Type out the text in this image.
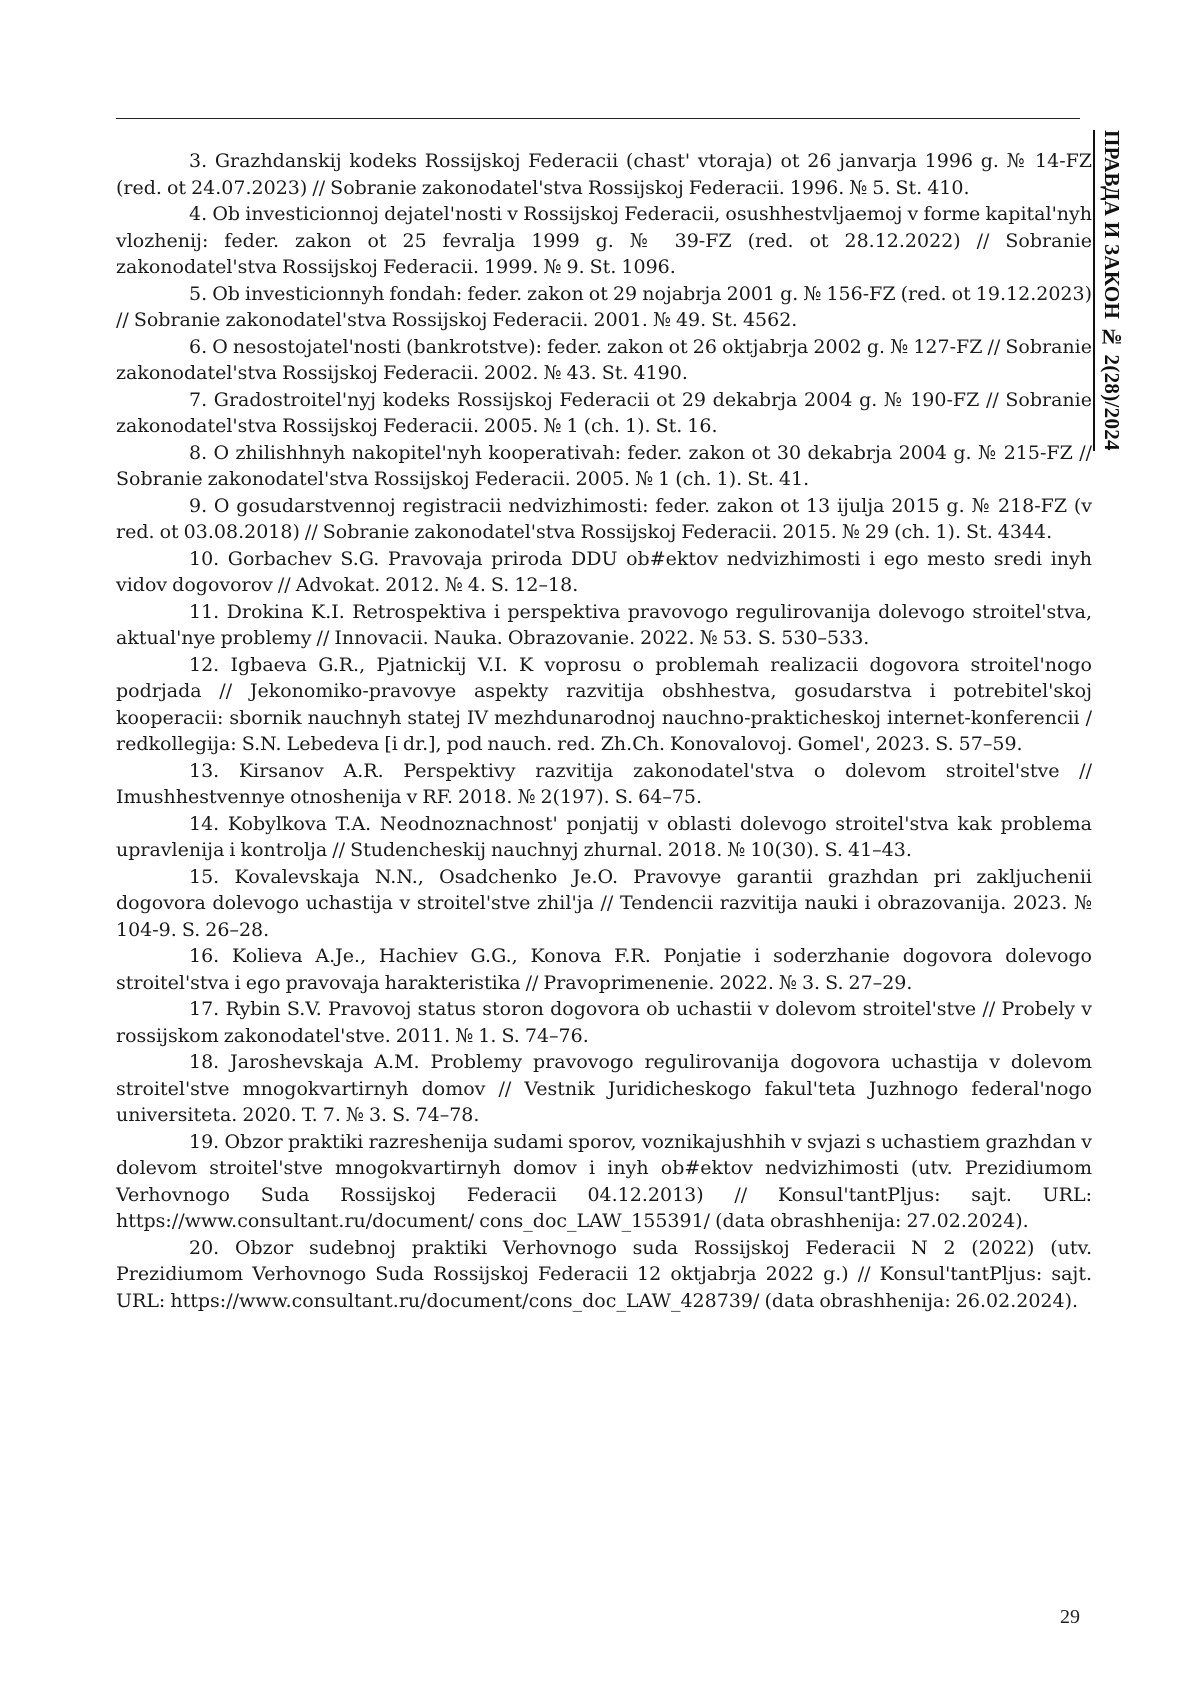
ПРАВДА И ЗАКОН № 2(28)/2024
3. Grazhdanskij kodeks Rossijskoj Federacii (chast' vtoraja) ot 26 janvarja 1996 g. № 14-FZ (red. ot 24.07.2023) // Sobranie zakonodatel'stva Rossijskoj Federacii. 1996. № 5. St. 410.
4. Ob investicionnoj dejatel'nosti v Rossijskoj Federacii, osushhestvljaemoj v forme kapital'nyh vlozhenij: feder. zakon ot 25 fevralja 1999 g. № 39-FZ (red. ot 28.12.2022) // Sobranie zakonodatel'stva Rossijskoj Federacii. 1999. № 9. St. 1096.
5. Ob investicionnyh fondah: feder. zakon ot 29 nojabrja 2001 g. № 156-FZ (red. ot 19.12.2023) // Sobranie zakonodatel'stva Rossijskoj Federacii. 2001. № 49. St. 4562.
6. O nesostojatel'nosti (bankrotstve): feder. zakon ot 26 oktjabrja 2002 g. № 127-FZ // Sobranie zakonodatel'stva Rossijskoj Federacii. 2002. № 43. St. 4190.
7. Gradostroitel'nyj kodeks Rossijskoj Federacii ot 29 dekabrja 2004 g. № 190-FZ // Sobranie zakonodatel'stva Rossijskoj Federacii. 2005. № 1 (ch. 1). St. 16.
8. O zhilishhnyh nakopitel'nyh kooperativah: feder. zakon ot 30 dekabrja 2004 g. № 215-FZ // Sobranie zakonodatel'stva Rossijskoj Federacii. 2005. № 1 (ch. 1). St. 41.
9. O gosudarstvennoj registracii nedvizhimosti: feder. zakon ot 13 ijulja 2015 g. № 218-FZ (v red. ot 03.08.2018) // Sobranie zakonodatel'stva Rossijskoj Federacii. 2015. № 29 (ch. 1). St. 4344.
10. Gorbachev S.G. Pravovaja priroda DDU ob#ektov nedvizhimosti i ego mesto sredi inyh vidov dogovorov // Advokat. 2012. № 4. S. 12–18.
11. Drokina K.I. Retrospektiva i perspektiva pravovogo regulirovanija dolevogo stroitel'stva, aktual'nye problemy // Innovacii. Nauka. Obrazovanie. 2022. № 53. S. 530–533.
12. Igbaeva G.R., Pjatnickij V.I. K voprosu o problemah realizacii dogovora stroitel'nogo podrjada // Jekonomiko-pravovye aspekty razvitija obshhestva, gosudarstva i potrebitel'skoj kooperacii: sbornik nauchnyh statej IV mezhdunarodnoj nauchno-prakticheskoj internet-konferencii / redkollegija: S.N. Lebedeva [i dr.], pod nauch. red. Zh.Ch. Konovalovoj. Gomel', 2023. S. 57–59.
13. Kirsanov A.R. Perspektivy razvitija zakonodatel'stva o dolevom stroitel'stve // Imushhestvennye otnoshenija v RF. 2018. № 2(197). S. 64–75.
14. Kobylkova T.A. Neodnoznachnost' ponjatij v oblasti dolevogo stroitel'stva kak problema upravlenija i kontrolja // Studencheskij nauchnyj zhurnal. 2018. № 10(30). S. 41–43.
15. Kovalevskaja N.N., Osadchenko Je.O. Pravovye garantii grazhdan pri zakljuchenii dogovora dolevogo uchastija v stroitel'stve zhil'ja // Tendencii razvitija nauki i obrazovanija. 2023. № 104-9. S. 26–28.
16. Kolieva A.Je., Hachiev G.G., Konova F.R. Ponjatie i soderzhanie dogovora dolevogo stroitel'stva i ego pravovaja harakteristika // Pravoprimenenie. 2022. № 3. S. 27–29.
17. Rybin S.V. Pravovoj status storon dogovora ob uchastii v dolevom stroitel'stve // Probely v rossijskom zakonodatel'stve. 2011. № 1. S. 74–76.
18. Jaroshevskaja A.M. Problemy pravovogo regulirovanija dogovora uchastija v dolevom stroitel'stve mnogokvartirnyh domov // Vestnik Juridicheskogo fakul'teta Juzhnogo federal'nogo universiteta. 2020. T. 7. № 3. S. 74–78.
19. Obzor praktiki razreshenija sudami sporov, voznikajushhih v svjazi s uchastiem grazhdan v dolevom stroitel'stve mnogokvartirnyh domov i inyh ob#ektov nedvizhimosti (utv. Prezidiumom Verhovnogo Suda Rossijskoj Federacii 04.12.2013) // Konsul'tantPljus: sajt. URL: https://www.consultant.ru/document/ cons_doc_LAW_155391/ (data obrashhenija: 27.02.2024).
20. Obzor sudebnoj praktiki Verhovnogo suda Rossijskoj Federacii N 2 (2022) (utv. Prezidiumom Verhovnogo Suda Rossijskoj Federacii 12 oktjabrja 2022 g.) // Konsul'tantPljus: sajt. URL: https://www.consultant.ru/document/cons_doc_LAW_428739/ (data obrashhenija: 26.02.2024).
29
